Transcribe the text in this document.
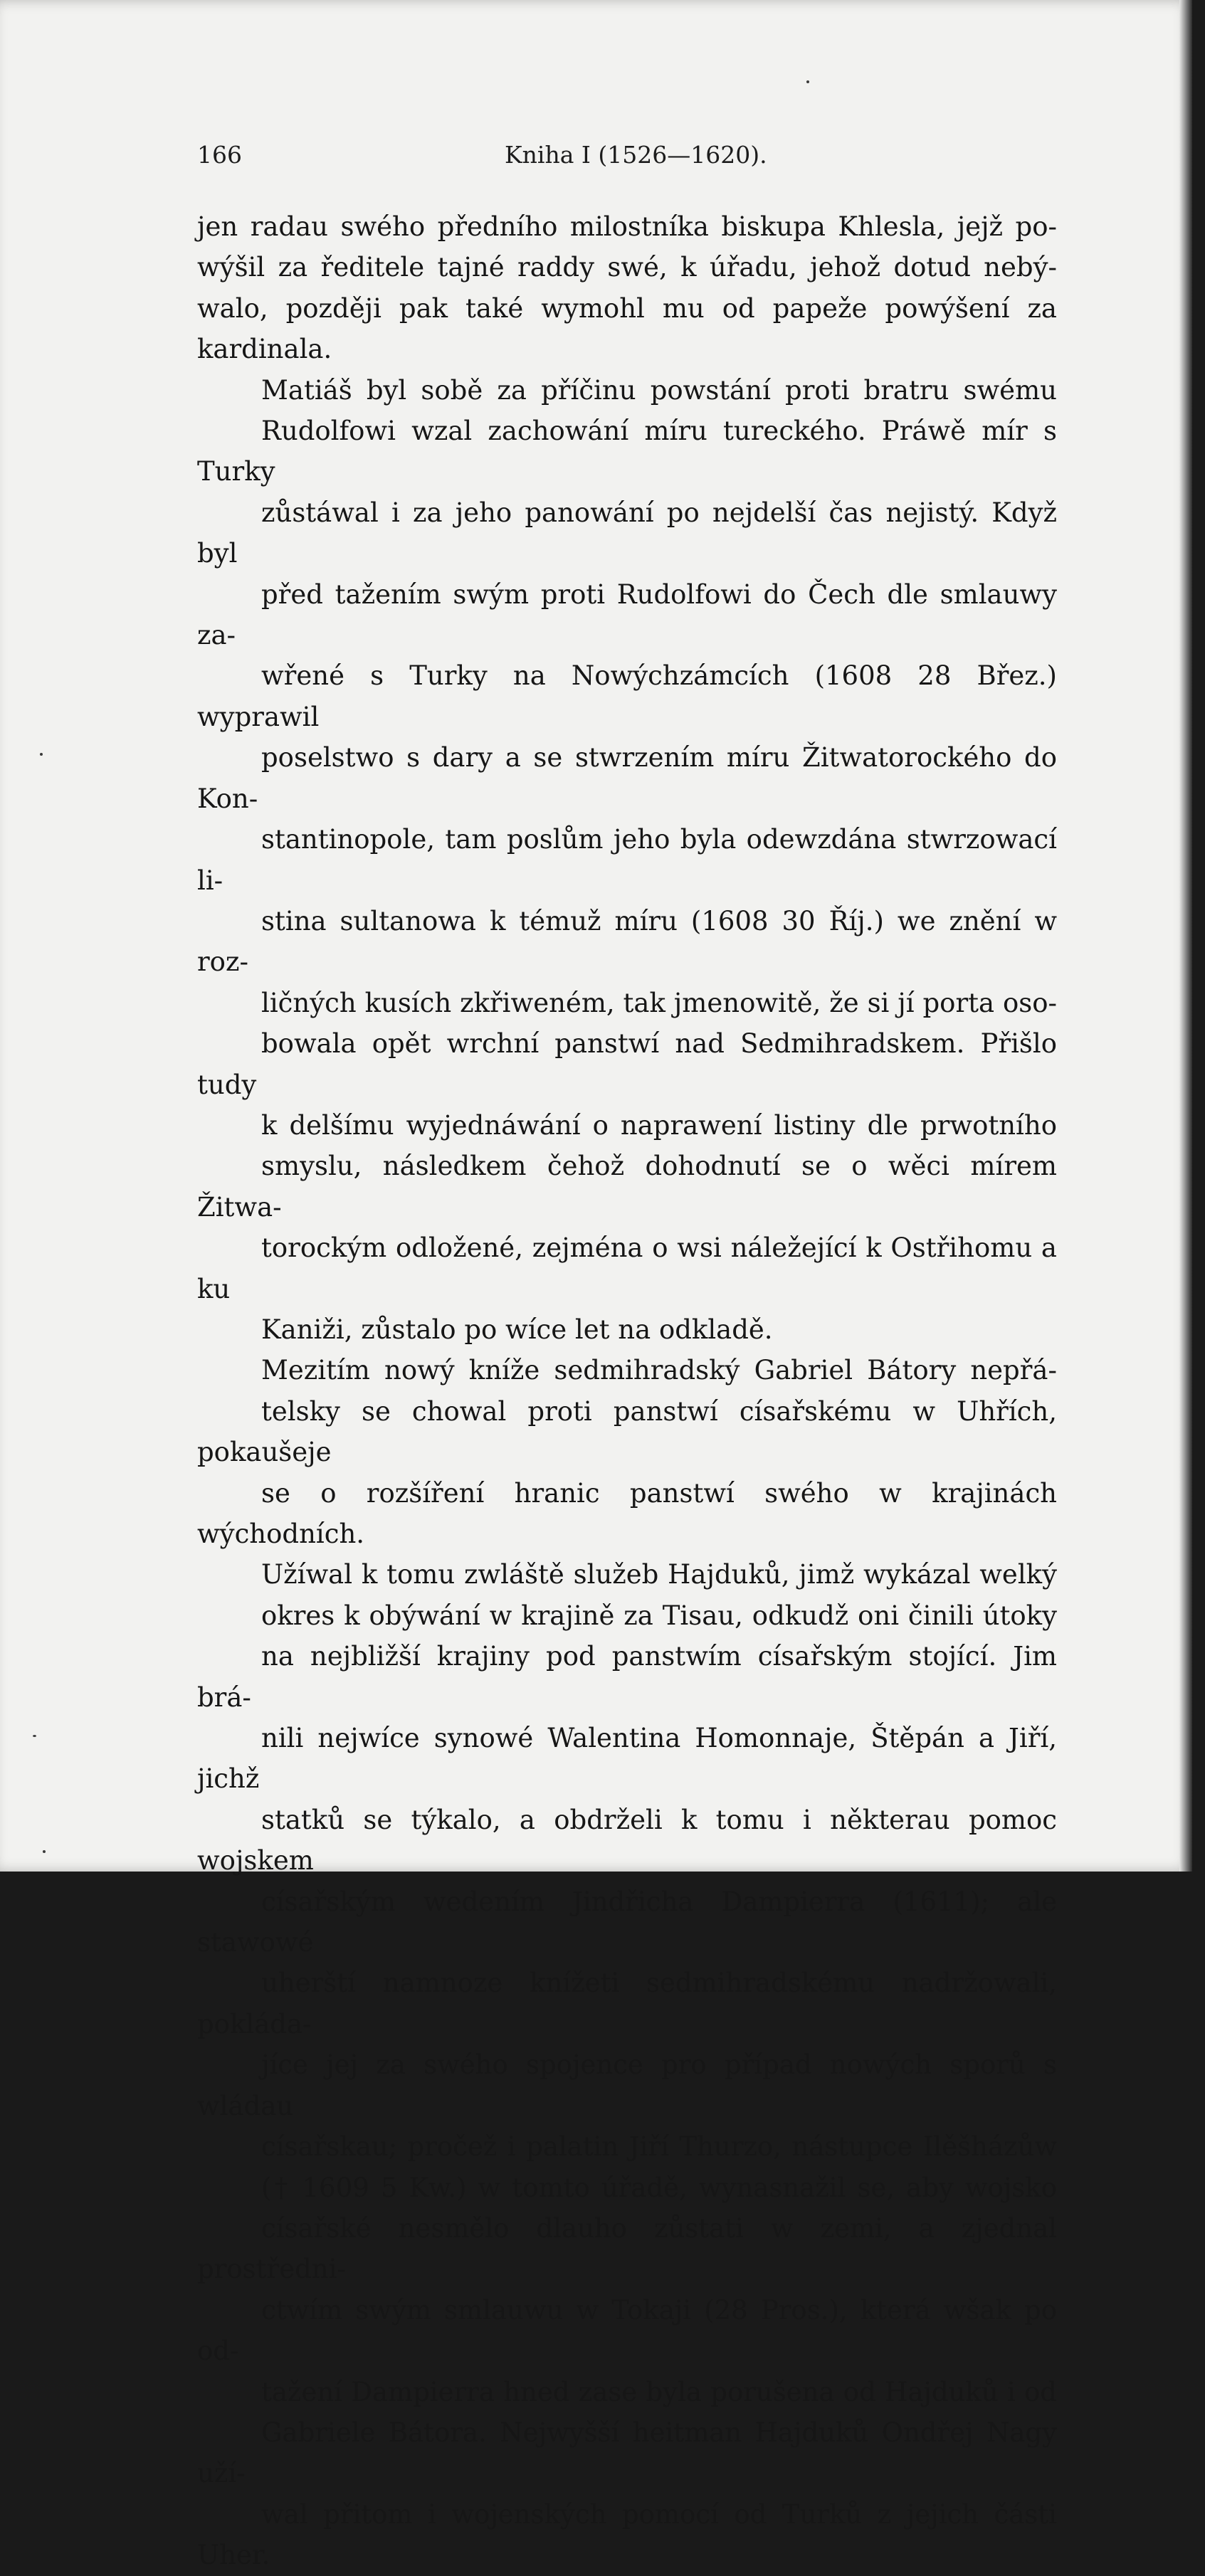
166	Kniha I (1526—1620).

jen radau swého předního milostníka biskupa Khlesla, jejž po-
wýšil za ředitele tajné raddy swé, k úřadu, jehož dotud nebý-
walo, později pak také wymohl mu od papeže powýšení za
kardinala.

Matiáš byl sobě za příčinu powstání proti bratru swému
Rudolfowi wzal zachowání míru tureckého. Práwě mír s Turky
zůstáwal i za jeho panowání po nejdelší čas nejistý. Když byl
před tažením swým proti Rudolfowi do Čech dle smlauwy za-
wřené s Turky na Nowýchzámcích (1608 28 Břez.) wyprawil
poselstwo s dary a se stwrzením míru Žitwatorockého do Kon-
stantinopole, tam poslům jeho byla odewzdána stwrzowací li-
stina sultanowa k témuž míru (1608 30 Říj.) we znění w roz-
ličných kusích zkřiweném, tak jmenowitě, že si jí porta oso-
bowala opět wrchní panstwí nad Sedmihradskem. Přišlo tudy
k delšímu wyjednáwání o naprawení listiny dle prwotního
smyslu, následkem čehož dohodnutí se o wěci mírem Žitwa-
torockým odložené, zejména o wsi náležející k Ostřihomu a ku
Kaniži, zůstalo po wíce let na odkladě.

Mezitím nowý kníže sedmihradský Gabriel Bátory nepřá-
telsky se chowal proti panstwí císařskému w Uhřích, pokaušeje
se o rozšíření hranic panstwí swého w krajinách wýchodních.
Užíwal k tomu zwláště služeb Hajduků, jimž wykázal welký
okres k obýwání w krajině za Tisau, odkudž oni činili útoky
na nejbližší krajiny pod panstwím císařským stojící. Jim brá-
nili nejwíce synowé Walentina Homonnaje, Štěpán a Jiří, jichž
statků se týkalo, a obdrželi k tomu i některau pomoc wojskem
císařským wedením Jindřicha Dampierra (1611); ale stawowé
uherští namnoze knížeti sedmihradskému nadržowali, pokláda-
jíce jej za swého spojence pro případ nowých sporů s wládau
císařskau; pročež i palatin Jiří Thurzo, nástupce Ilěšházůw
(† 1609 5 Kw.) w tomto úřadě, wynasnažil se, aby wojsko
císařské nesmělo dlauho zůstati w zemi, a zjednal prostředni-
ctwím swým smlauwu w Tokaji (28 Pros.), která wšak po od-
tažení Dampierra hned zase byla porušena od Hajduků i od
Gabriele Bátora. Nejwyšší heitman Hajduků Ondřej Nagy uží-
wal přitom i wojenských pomocí od Turků z jejich části Uher.
